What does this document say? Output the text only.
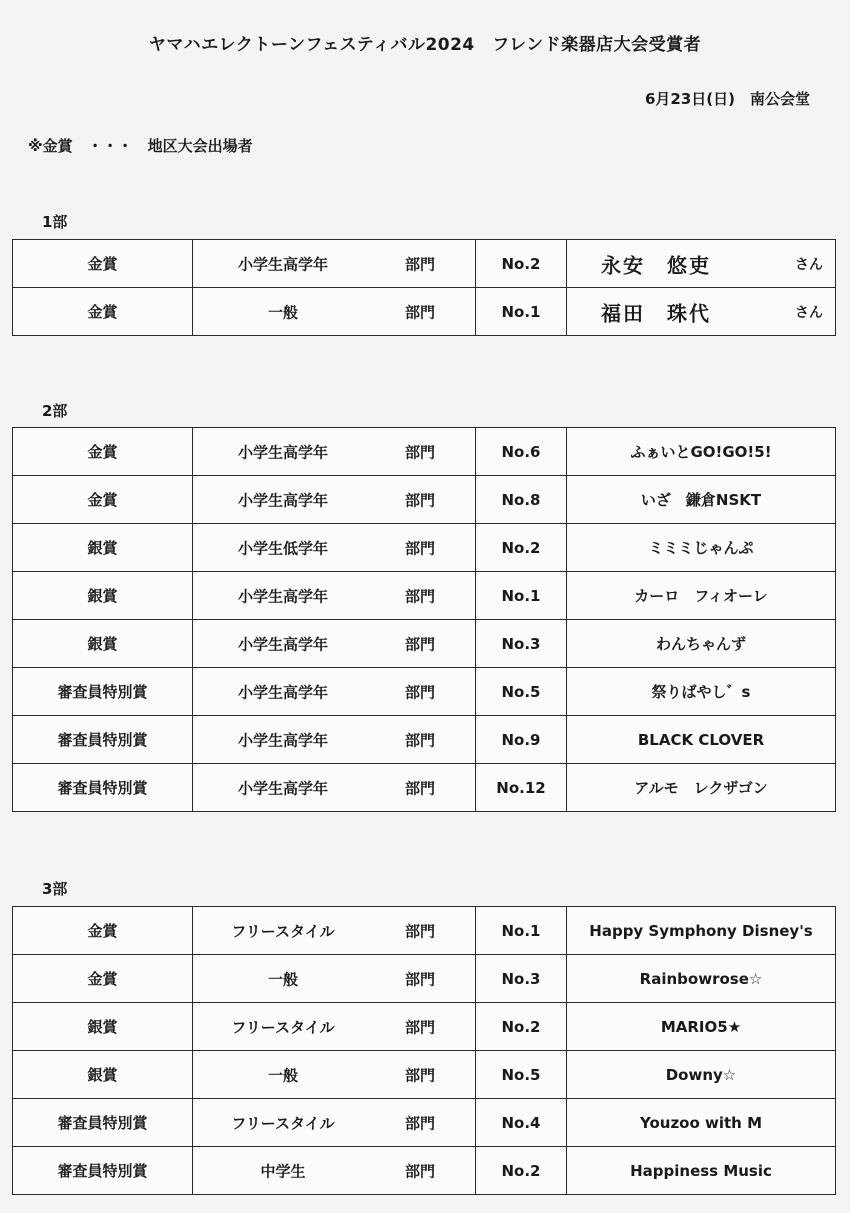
ヤマハエレクトーンフェスティバル2024　フレンド楽器店大会受賞者
6月23日(日)　南公会堂
※金賞　・・・　地区大会出場者
1部
金賞	小学生高学年 部門	No.2	永安　悠吏 さん

金賞	一般 部門	No.1	福田　珠代 さん
2部
金賞	小学生高学年 部門	No.6	ふぁいとGO!GO!5!
金賞	小学生高学年 部門	No.8	いざ　鎌倉NSKT
銀賞	小学生低学年 部門	No.2	ミミミじゃんぷ
銀賞	小学生高学年 部門	No.1	カーロ　フィオーレ
銀賞	小学生高学年 部門	No.3	わんちゃんず
審査員特別賞	小学生高学年 部門	No.5	祭りばやし゛s
審査員特別賞	小学生高学年 部門	No.9	BLACK CLOVER
審査員特別賞	小学生高学年 部門	No.12	アルモ　レクザゴン
3部
金賞	フリースタイル 部門	No.1	Happy Symphony Disney's
金賞	一般 部門	No.3	Rainbowrose☆
銀賞	フリースタイル 部門	No.2	MARIO5★
銀賞	一般 部門	No.5	Downy☆
審査員特別賞	フリースタイル 部門	No.4	Youzoo with M
審査員特別賞	中学生 部門	No.2	Happiness Music
